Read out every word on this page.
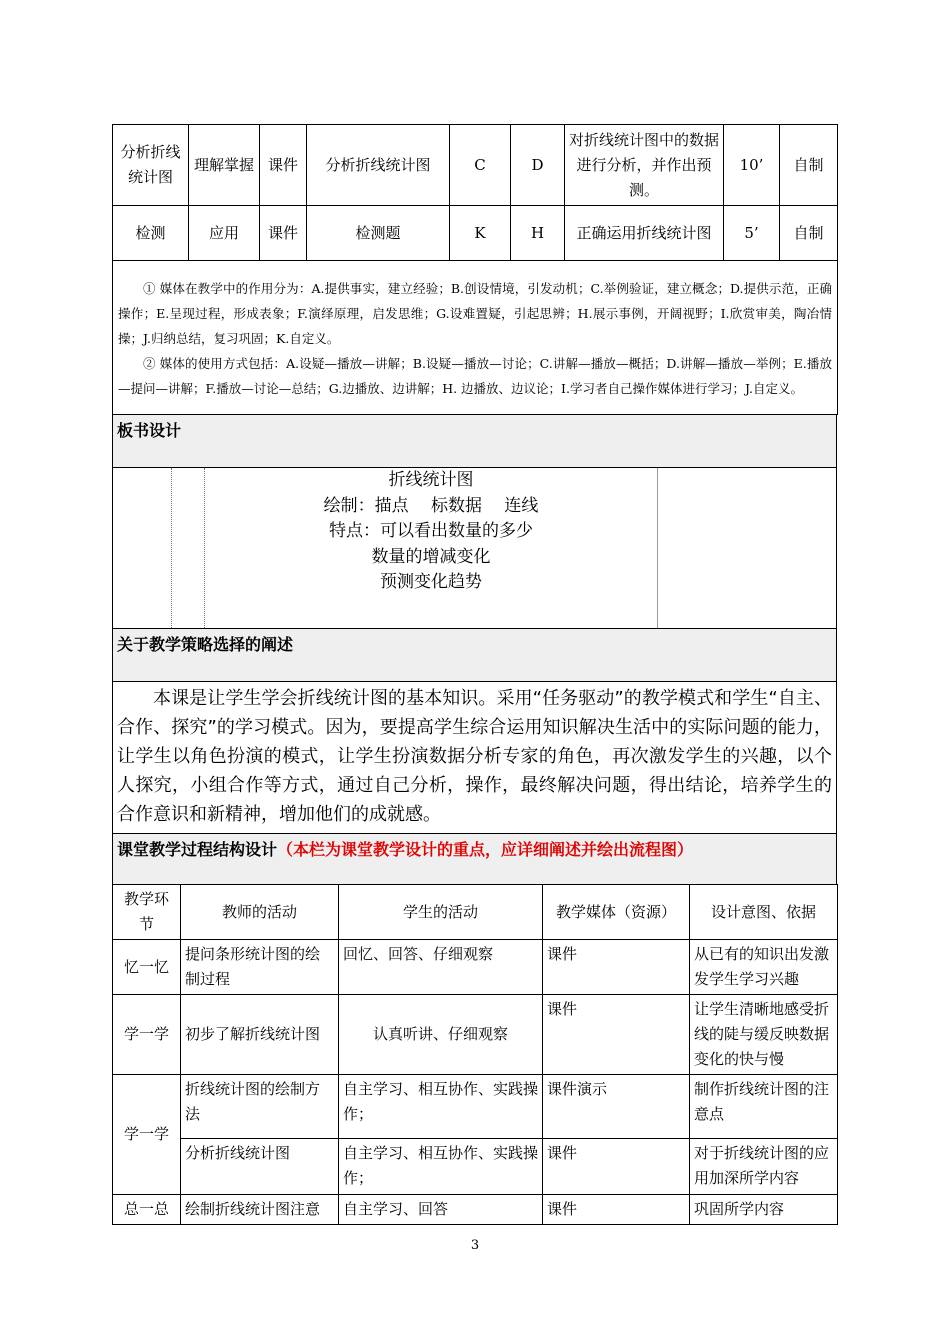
分析折线统计图	理解掌握	课件	分析折线统计图	C	D	对折线统计图中的数据进行分析，并作出预测。	10’	自制
检测	应用	课件	检测题	K	H	正确运用折线统计图	5’	自制

① 媒体在教学中的作用分为：A.提供事实，建立经验；B.创设情境，引发动机；C.举例验证，建立概念；D.提供示范，正确操作；E.呈现过程，形成表象；F.演绎原理，启发思维；G.设难置疑，引起思辨；H.展示事例，开阔视野；I.欣赏审美，陶冶情操；J.归纳总结，复习巩固；K.自定义。
② 媒体的使用方式包括：A.设疑—播放—讲解；B.设疑—播放—讨论；C.讲解—播放—概括；D.讲解—播放—举例；E.播放—提问—讲解；F.播放—讨论—总结；G.边播放、边讲解；H. 边播放、边议论；I.学习者自己操作媒体进行学习；J.自定义。								
板书设计

折线统计图
绘制：描点　 标数据　 连线
特点：可以看出数量的多少
数量的增减变化
预测变化趋势

关于教学策略选择的阐述

本课是让学生学会折线统计图的基本知识。采用“任务驱动”的教学模式和学生“自主、合作、探究”的学习模式。因为，要提高学生综合运用知识解决生活中的实际问题的能力，让学生以角色扮演的模式，让学生扮演数据分析专家的角色，再次激发学生的兴趣，以个人探究，小组合作等方式，通过自己分析，操作，最终解决问题，得出结论，培养学生的合作意识和新精神，增加他们的成就感。

课堂教学过程结构设计（本栏为课堂教学设计的重点，应详细阐述并绘出流程图）
教学环节	教师的活动	学生的活动	教学媒体（资源）	设计意图、依据
忆一忆	提问条形统计图的绘制过程	回忆、回答、仔细观察	课件	从已有的知识出发激发学生学习兴趣
学一学	初步了解折线统计图	认真听讲、仔细观察	课件	让学生清晰地感受折线的陡与缓反映数据变化的快与慢
学一学	折线统计图的绘制方法	自主学习、相互协作、实践操作；	课件演示	制作折线统计图的注意点
	分析折线统计图	自主学习、相互协作、实践操作；	课件	对于折线统计图的应用加深所学内容
总一总	绘制折线统计图注意	自主学习、回答	课件	巩固所学内容
3
